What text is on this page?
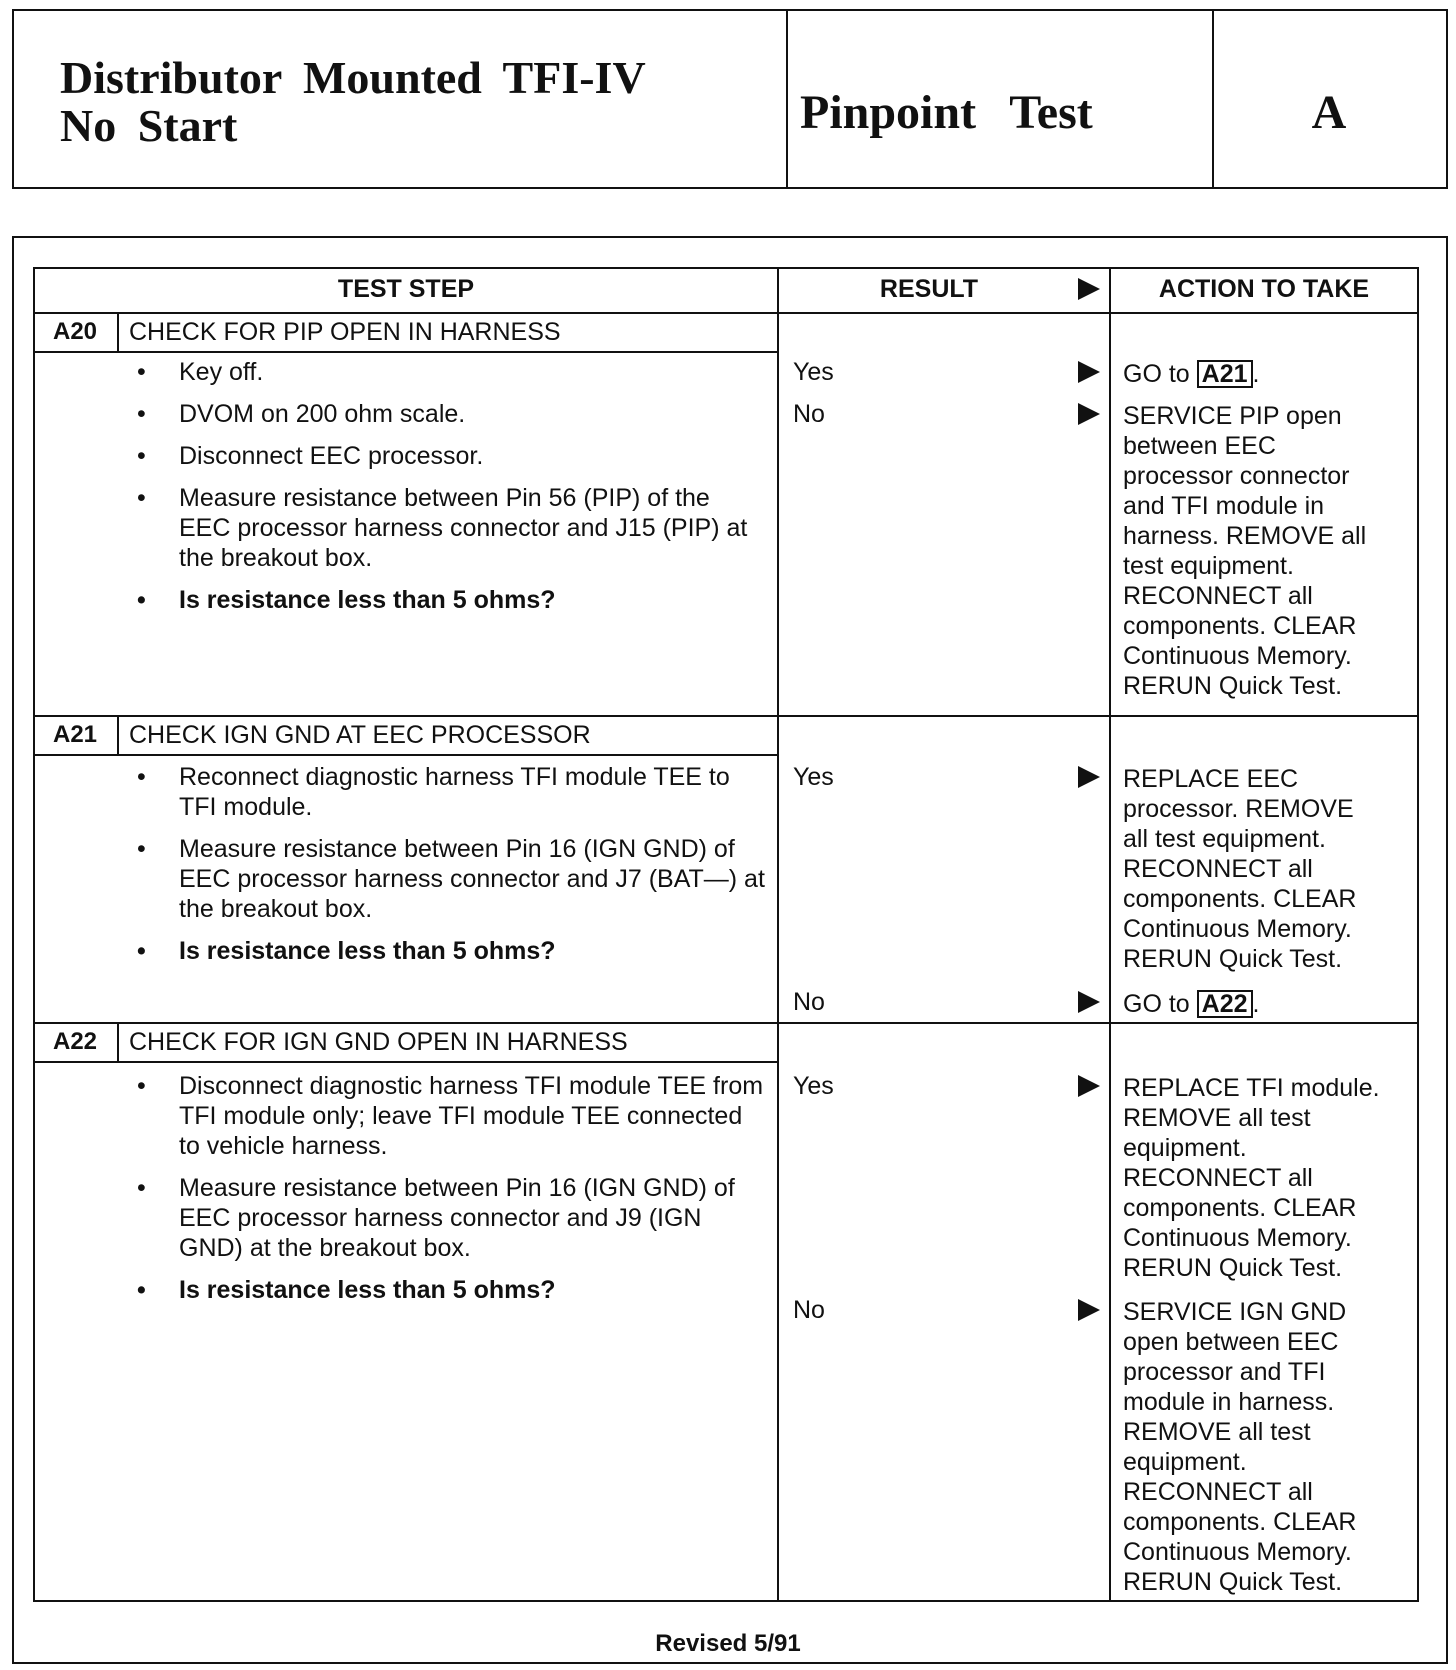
Distributor Mounted TFI-IV
No Start	Pinpoint Test	A
TEST STEP	RESULT	ACTION TO TAKE
A20	CHECK FOR PIP OPEN IN HARNESS
• Key off.
• DVOM on 200 ohm scale.
• Disconnect EEC processor.
• Measure resistance between Pin 56 (PIP) of the EEC processor harness connector and J15 (PIP) at the breakout box.
• Is resistance less than 5 ohms?
Yes	GO to A21 .
No	SERVICE PIP open between EEC processor connector and TFI module in harness. REMOVE all test equipment. RECONNECT all components. CLEAR Continuous Memory. RERUN Quick Test.
A21	CHECK IGN GND AT EEC PROCESSOR
• Reconnect diagnostic harness TFI module TEE to TFI module.
• Measure resistance between Pin 16 (IGN GND) of EEC processor harness connector and J7 (BAT—) at the breakout box.
• Is resistance less than 5 ohms?
Yes	REPLACE EEC processor. REMOVE all test equipment. RECONNECT all components. CLEAR Continuous Memory. RERUN Quick Test.
No	GO to A22 .
A22	CHECK FOR IGN GND OPEN IN HARNESS
• Disconnect diagnostic harness TFI module TEE from TFI module only; leave TFI module TEE connected to vehicle harness.
• Measure resistance between Pin 16 (IGN GND) of EEC processor harness connector and J9 (IGN GND) at the breakout box.
• Is resistance less than 5 ohms?
Yes	REPLACE TFI module. REMOVE all test equipment. RECONNECT all components. CLEAR Continuous Memory. RERUN Quick Test.
No	SERVICE IGN GND open between EEC processor and TFI module in harness. REMOVE all test equipment. RECONNECT all components. CLEAR Continuous Memory. RERUN Quick Test.
Revised 5/91
